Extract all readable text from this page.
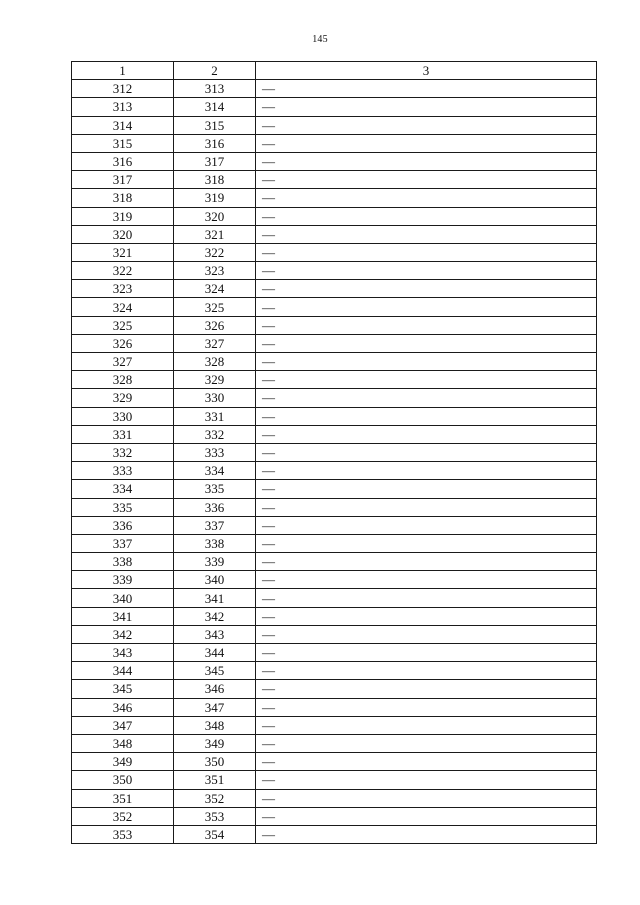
145
1	2	3
312	313	—
313	314	—
314	315	—
315	316	—
316	317	—
317	318	—
318	319	—
319	320	—
320	321	—
321	322	—
322	323	—
323	324	—
324	325	—
325	326	—
326	327	—
327	328	—
328	329	—
329	330	—
330	331	—
331	332	—
332	333	—
333	334	—
334	335	—
335	336	—
336	337	—
337	338	—
338	339	—
339	340	—
340	341	—
341	342	—
342	343	—
343	344	—
344	345	—
345	346	—
346	347	—
347	348	—
348	349	—
349	350	—
350	351	—
351	352	—
352	353	—
353	354	—
